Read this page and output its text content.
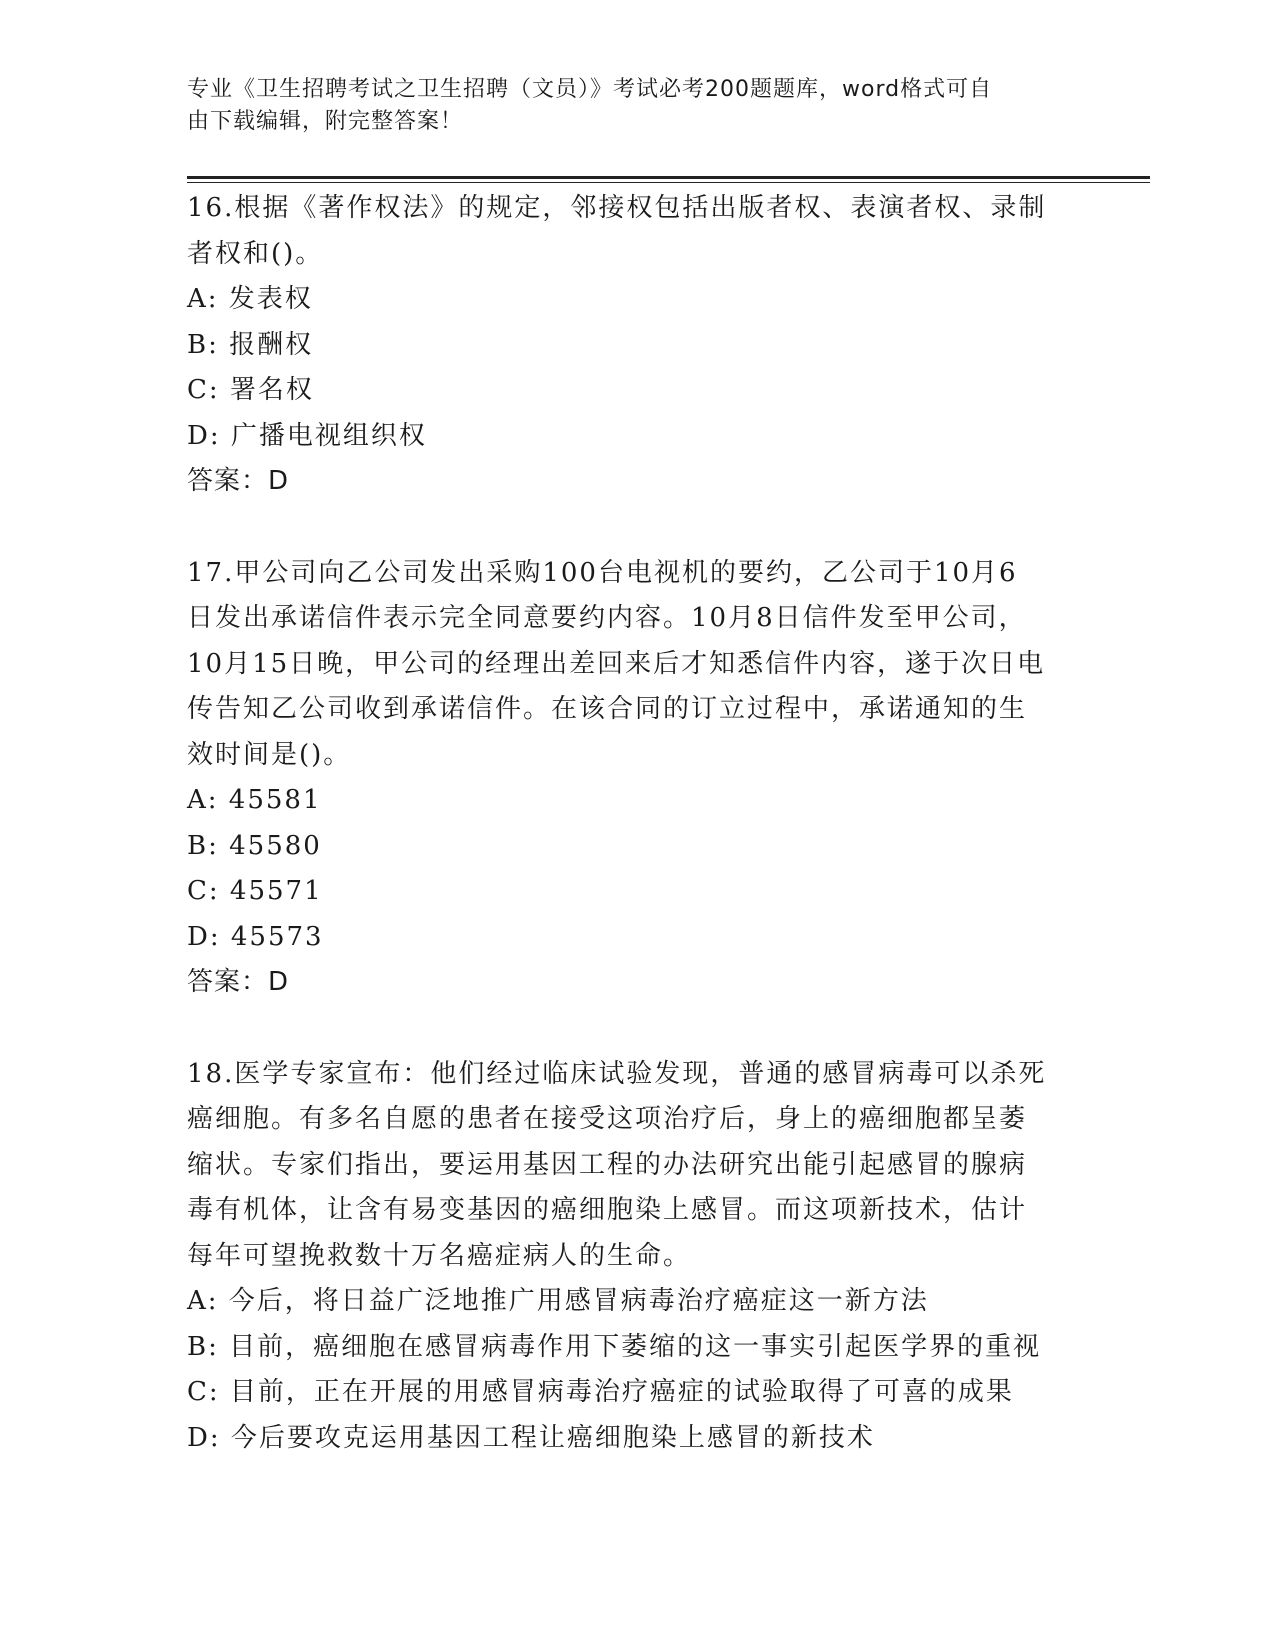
专业《卫生招聘考试之卫生招聘（文员）》考试必考200题题库，word格式可自
由下载编辑，附完整答案！

16.根据《著作权法》的规定，邻接权包括出版者权、表演者权、录制

者权和()。

A: 发表权

B: 报酬权

C: 署名权

D: 广播电视组织权

答案：D

17.甲公司向乙公司发出采购100台电视机的要约，乙公司于10月6

日发出承诺信件表示完全同意要约内容。10月8日信件发至甲公司，

10月15日晚，甲公司的经理出差回来后才知悉信件内容，遂于次日电

传告知乙公司收到承诺信件。在该合同的订立过程中，承诺通知的生

效时间是()。

A: 45581

B: 45580

C: 45571

D: 45573

答案：D

18.医学专家宣布：他们经过临床试验发现，普通的感冒病毒可以杀死

癌细胞。有多名自愿的患者在接受这项治疗后，身上的癌细胞都呈萎

缩状。专家们指出，要运用基因工程的办法研究出能引起感冒的腺病

毒有机体，让含有易变基因的癌细胞染上感冒。而这项新技术，估计

每年可望挽救数十万名癌症病人的生命。

A: 今后，将日益广泛地推广用感冒病毒治疗癌症这一新方法

B: 目前，癌细胞在感冒病毒作用下萎缩的这一事实引起医学界的重视

C: 目前，正在开展的用感冒病毒治疗癌症的试验取得了可喜的成果

D: 今后要攻克运用基因工程让癌细胞染上感冒的新技术
